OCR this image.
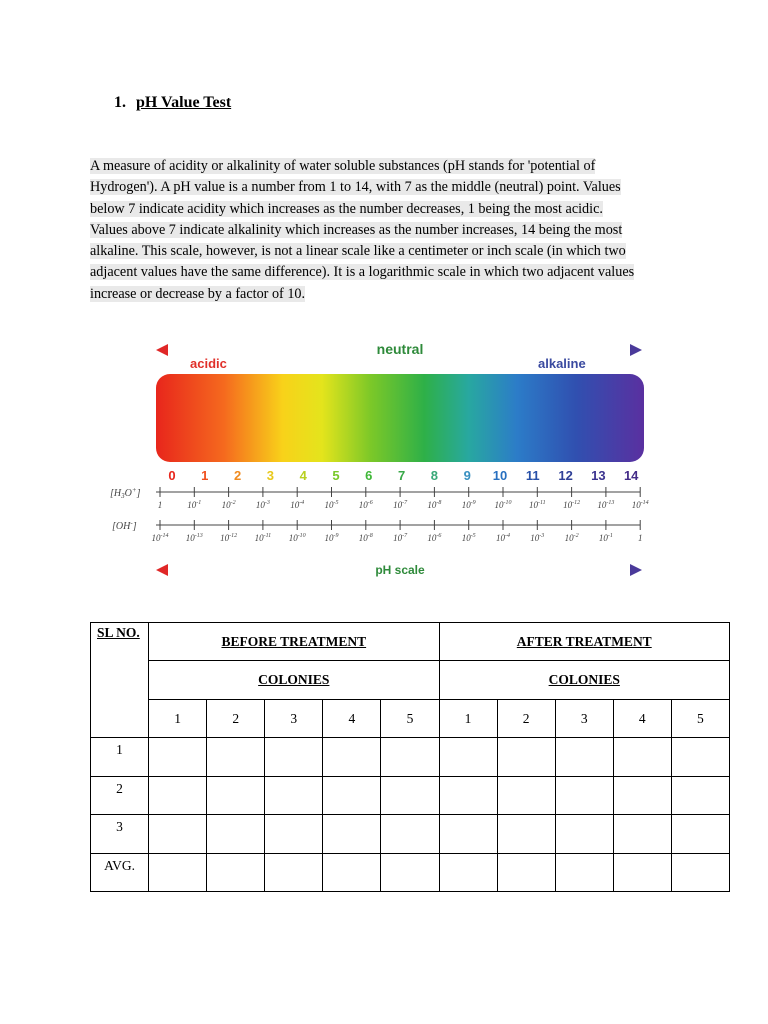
1. pH Value Test
A measure of acidity or alkalinity of water soluble substances (pH stands for 'potential of
Hydrogen'). A pH value is a number from 1 to 14, with 7 as the middle (neutral) point. Values
below 7 indicate acidity which increases as the number decreases, 1 being the most acidic.
Values above 7 indicate alkalinity which increases as the number increases, 14 being the most
alkaline. This scale, however, is not a linear scale like a centimeter or inch scale (in which two
adjacent values have the same difference). It is a logarithmic scale in which two adjacent values
increase or decrease by a factor of 10.
neutral
acidic	alkaline
0 1 2 3 4 5 6 7 8 9 10 11 12 13 14
$[H_3O^+]$
1	$10^{-1}$ $10^{-2}$ $10^{-3}$ $10^{-4}$ $10^{-5}$ $10^{-6}$ $10^{-7}$ $10^{-8}$ $10^{-9}$ $10^{-10}$ $10^{-11}$ $10^{-12}$ $10^{-13}$ $10^{-14}$
[OH-]
$10^{-14}$ $10^{-13}$ $10^{-12}$ $10^{-11}$ $10^{-10}$ $10^{-9}$ $10^{-8}$ $10^{-7}$ $10^{-6}$ $10^{-5}$ $10^{-4}$ $10^{-3}$ $10^{-2}$ $10^{-1}$	1
pH scale
SL NO.	BEFORE TREATMENT					AFTER TREATMENT				
	COLONIES					COLONIES				
	1	2	3	4	5	1	2	3	4	5
1										
2										
3										
AVG.										
